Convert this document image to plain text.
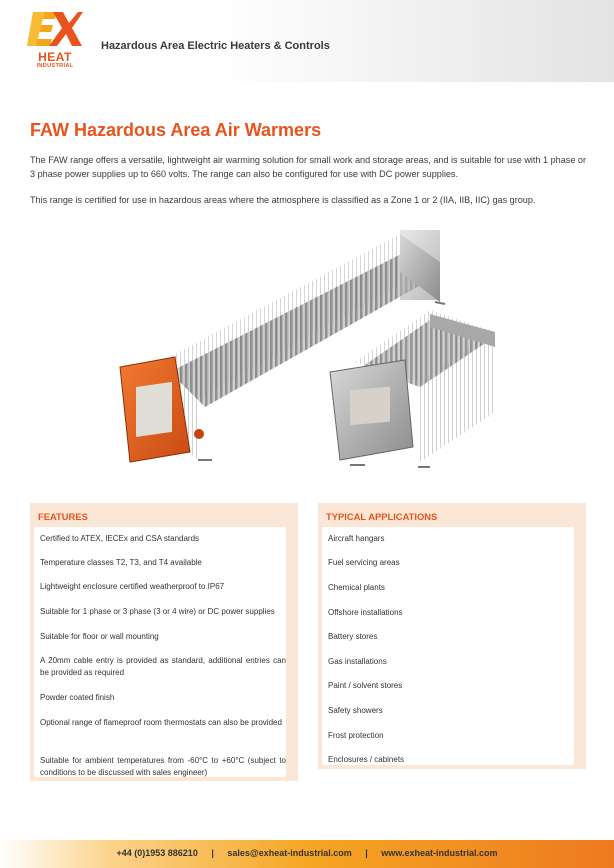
HEAT
INDUSTRIAL
Hazardous Area Electric Heaters & Controls
FAW Hazardous Area Air Warmers

The FAW range offers a versatile, lightweight air warming solution for small work and storage areas, and is suitable for use with 1 phase or 3 phase power supplies up to 660 volts. The range can also be configured for use with DC power supplies.

This range is certified for use in hazardous areas where the atmosphere is classified as a Zone 1 or 2 (IIA, IIB, IIC) gas group.

FEATURES
Certified to ATEX, IECEx and CSA standards
Temperature classes T2, T3, and T4 available
Lightweight enclosure certified weatherproof to IP67
Suitable for 1 phase or 3 phase (3 or 4 wire) or DC power supplies
Suitable for floor or wall mounting
A 20mm cable entry is provided as standard, additional entries can be provided as required
Powder coated finish
Optional range of flameproof room thermostats can also be provided
Suitable for ambient temperatures from -60°C to +60°C (subject to conditions to be discussed with sales engineer)
TYPICAL APPLICATIONS
Aircraft hangars
Fuel servicing areas
Chemical plants
Offshore installations
Battery stores
Gas installations
Paint / solvent stores
Safety showers
Frost protection
Enclosures / cabinets
+44 (0)1953 886210 | sales@exheat-industrial.com | www.exheat-industrial.com
